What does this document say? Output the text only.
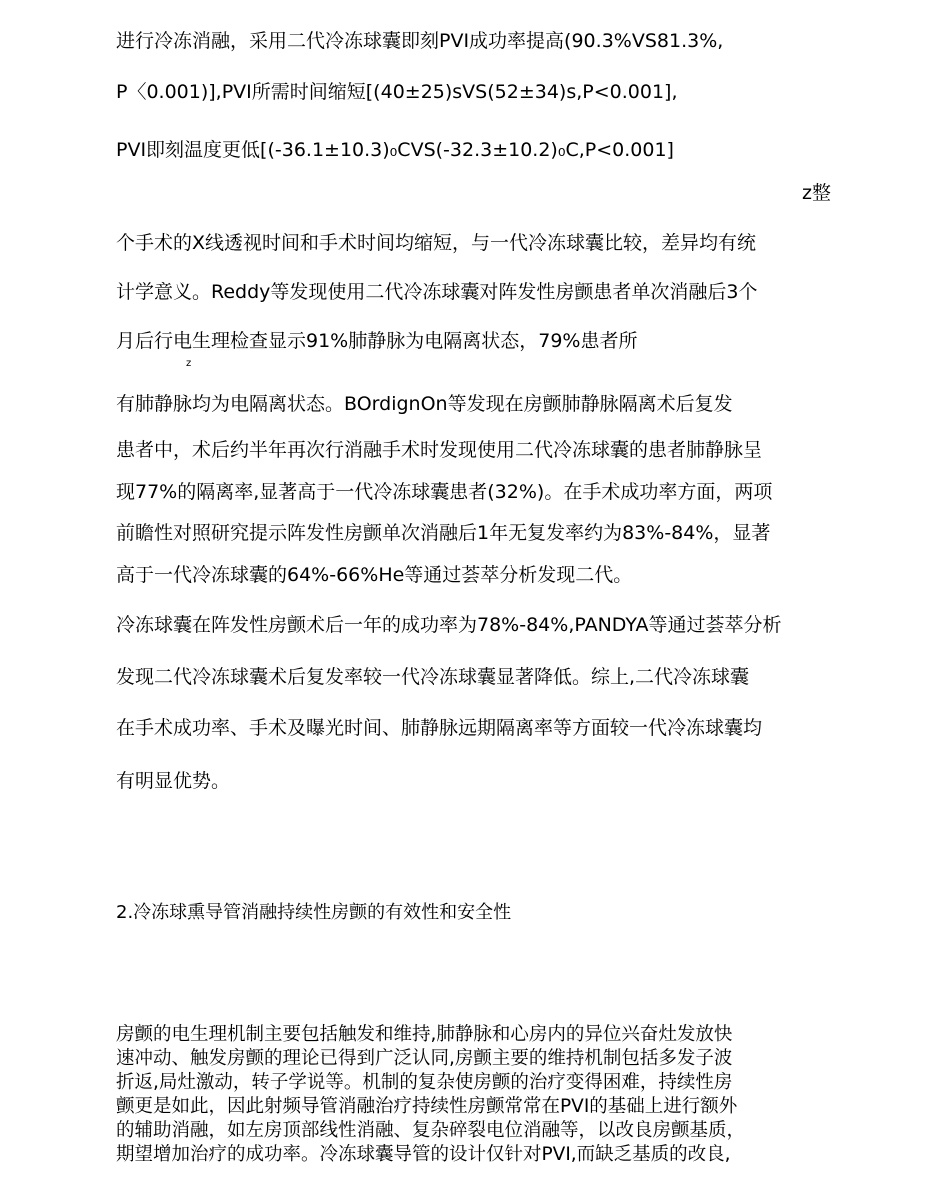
进行冷冻消融，采用二代冷冻球囊即刻PVI成功率提高(90.3%VS81.3%,
P〈0.001)],PVI所需时间缩短[(40±25)sVS(52±34)s,P<0.001],
PVI即刻温度更低[(-36.1±10.3)₀CVS(-32.3±10.2)₀C,P<0.001]
z整
个手术的X线透视时间和手术时间均缩短，与一代冷冻球囊比较，差异均有统
计学意义。Reddy等发现使用二代冷冻球囊对阵发性房颤患者单次消融后3个
月后行电生理检查显示91%肺静脉为电隔离状态，79%患者所
z
有肺静脉均为电隔离状态。BOrdignOn等发现在房颤肺静脉隔离术后复发
患者中，术后约半年再次行消融手术时发现使用二代冷冻球囊的患者肺静脉呈
现77%的隔离率,显著高于一代冷冻球囊患者(32%)。在手术成功率方面，两项
前瞻性对照研究提示阵发性房颤单次消融后1年无复发率约为83%-84%，显著
高于一代冷冻球囊的64%-66%He等通过荟萃分析发现二代。
冷冻球囊在阵发性房颤术后一年的成功率为78%-84%,PANDYA等通过荟萃分析
发现二代冷冻球囊术后复发率较一代冷冻球囊显著降低。综上,二代冷冻球囊
在手术成功率、手术及曝光时间、肺静脉远期隔离率等方面较一代冷冻球囊均
有明显优势。
2.冷冻球熏导管消融持续性房颤的有效性和安全性
房颤的电生理机制主要包括触发和维持,肺静脉和心房内的异位兴奋灶发放快
速冲动、触发房颤的理论已得到广泛认同,房颤主要的维持机制包括多发子波
折返,局灶激动，转子学说等。机制的复杂使房颤的治疗变得困难，持续性房
颤更是如此，因此射频导管消融治疗持续性房颤常常在PVI的基础上进行额外
的辅助消融，如左房顶部线性消融、复杂碎裂电位消融等，以改良房颤基质，
期望增加治疗的成功率。冷冻球囊导管的设计仅针对PVI,而缺乏基质的改良,
